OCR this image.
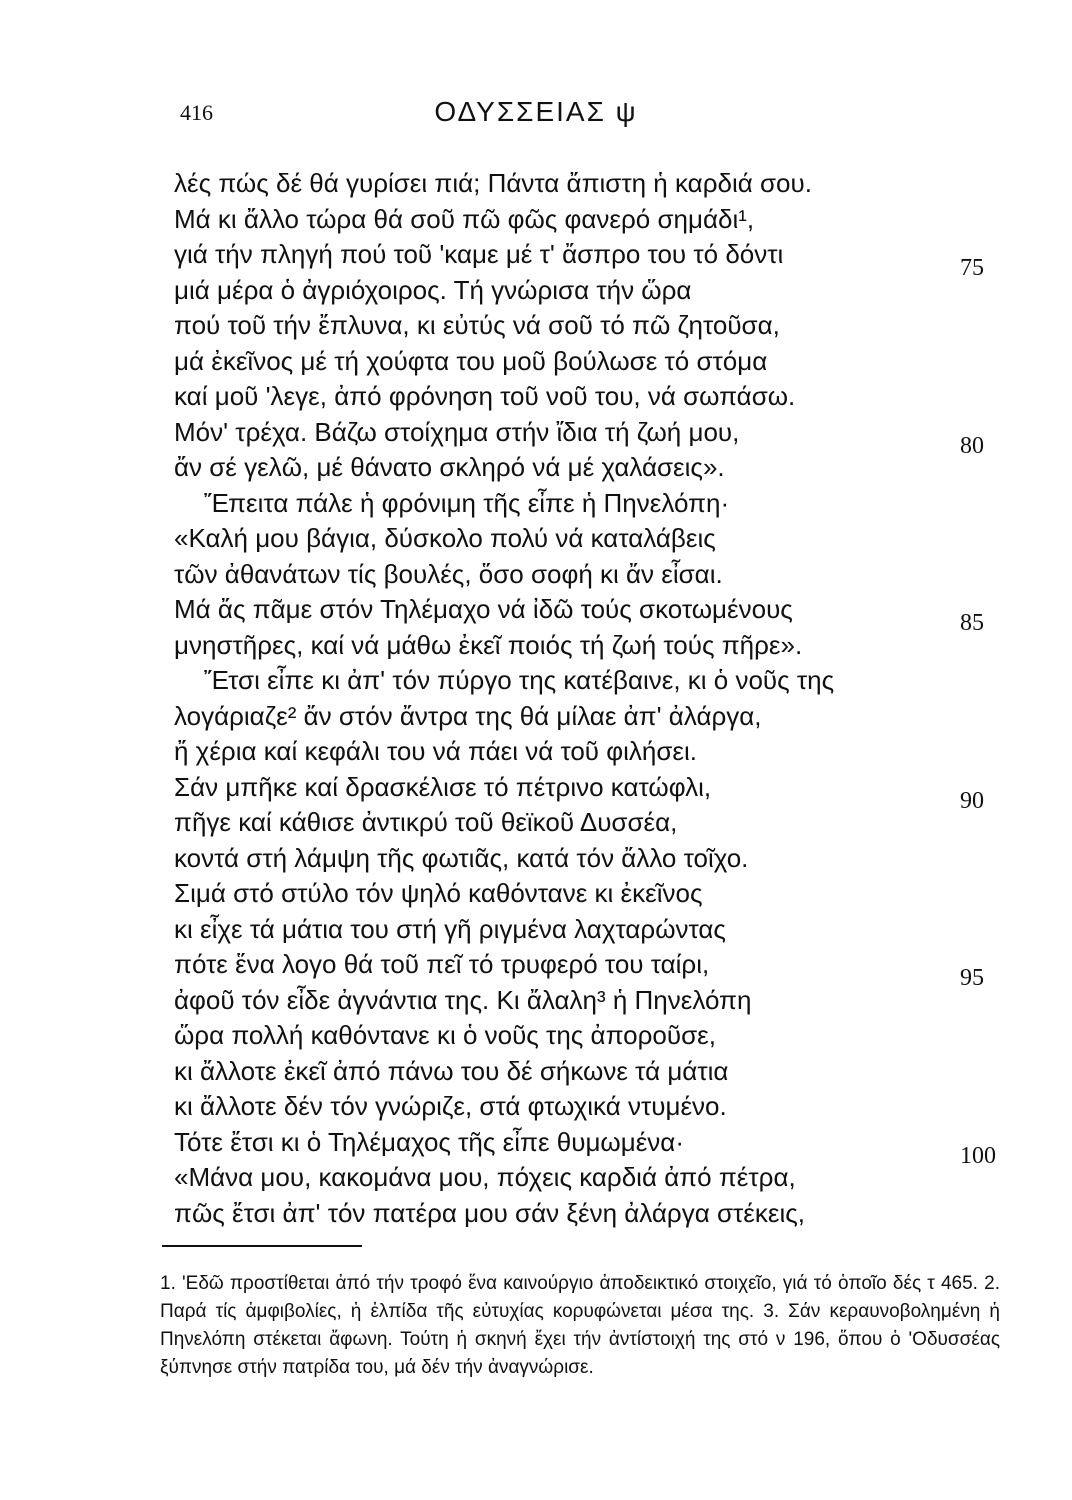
416	ΟΔΥΣΣΕΙΑΣ ψ
λές πώς δέ θά γυρίσει πιά; Πάντα ἄπιστη ἡ καρδιά σου.
Μά κι ἄλλο τώρα θά σοῦ πῶ φῶς φανερό σημάδι¹,
γιά τήν πληγή πού τοῦ 'καμε μέ τ' ἄσπρο του τό δόντι	75
μιά μέρα ὁ ἀγριόχοιρος. Τή γνώρισα τήν ὥρα
πού τοῦ τήν ἔπλυνα, κι εὐτύς νά σοῦ τό πῶ ζητοῦσα,
μά ἐκεῖνος μέ τή χούφτα του μοῦ βούλωσε τό στόμα
καί μοῦ 'λεγε, ἀπό φρόνηση τοῦ νοῦ του, νά σωπάσω.
Μόν' τρέχα. Βάζω στοίχημα στήν ἴδια τή ζωή μου,	80
ἄν σέ γελῶ, μέ θάνατο σκληρό νά μέ χαλάσεις».
Ἔπειτα πάλε ἡ φρόνιμη τῆς εἶπε ἡ Πηνελόπη·
«Καλή μου βάγια, δύσκολο πολύ νά καταλάβεις
τῶν ἀθανάτων τίς βουλές, ὅσο σοφή κι ἄν εἶσαι.
Μά ἄς πᾶμε στόν Τηλέμαχο νά ἰδῶ τούς σκοτωμένους	85
μνηστῆρες, καί νά μάθω ἐκεῖ ποιός τή ζωή τούς πῆρε».
Ἔτσι εἶπε κι ἀπ' τόν πύργο της κατέβαινε, κι ὁ νοῦς της
λογάριαζε² ἄν στόν ἄντρα της θά μίλαε ἀπ' ἀλάργα,
ἤ χέρια καί κεφάλι του νά πάει νά τοῦ φιλήσει.
Σάν μπῆκε καί δρασκέλισε τό πέτρινο κατώφλι,	90
πῆγε καί κάθισε ἀντικρύ τοῦ θεϊκοῦ Δυσσέα,
κοντά στή λάμψη τῆς φωτιᾶς, κατά τόν ἄλλο τοῖχο.
Σιμά στό στύλο τόν ψηλό καθόντανε κι ἐκεῖνος
κι εἶχε τά μάτια του στή γῆ ριγμένα λαχταρώντας
πότε ἕνα λογο θά τοῦ πεῖ τό τρυφερό του ταίρι,	95
ἀφοῦ τόν εἶδε ἀγνάντια της. Κι ἄλαλη³ ἡ Πηνελόπη
ὥρα πολλή καθόντανε κι ὁ νοῦς της ἀποροῦσε,
κι ἄλλοτε ἐκεῖ ἀπό πάνω του δέ σήκωνε τά μάτια
κι ἄλλοτε δέν τόν γνώριζε, στά φτωχικά ντυμένο.
Τότε ἔτσι κι ὁ Τηλέμαχος τῆς εἶπε θυμωμένα·	100
«Μάνα μου, κακομάνα μου, πόχεις καρδιά ἀπό πέτρα,
πῶς ἔτσι ἀπ' τόν πατέρα μου σάν ξένη ἀλάργα στέκεις,
1. 'Εδῶ προστίθεται ἀπό τήν τροφό ἕνα καινούργιο ἀποδεικτικό στοιχεῖο, γιά τό ὁποῖο δές τ 465. 2. Παρά τίς ἀμφιβολίες, ἡ ἐλπίδα τῆς εὐτυχίας κορυφώνεται μέσα της. 3. Σάν κεραυνοβολημένη ἡ Πηνελόπη στέκεται ἄφωνη. Τούτη ἡ σκηνή ἔχει τήν ἀντίστοιχή της στό ν 196, ὅπου ὁ 'Οδυσσέας ξύπνησε στήν πατρίδα του, μά δέν τήν ἀναγνώρισε.
